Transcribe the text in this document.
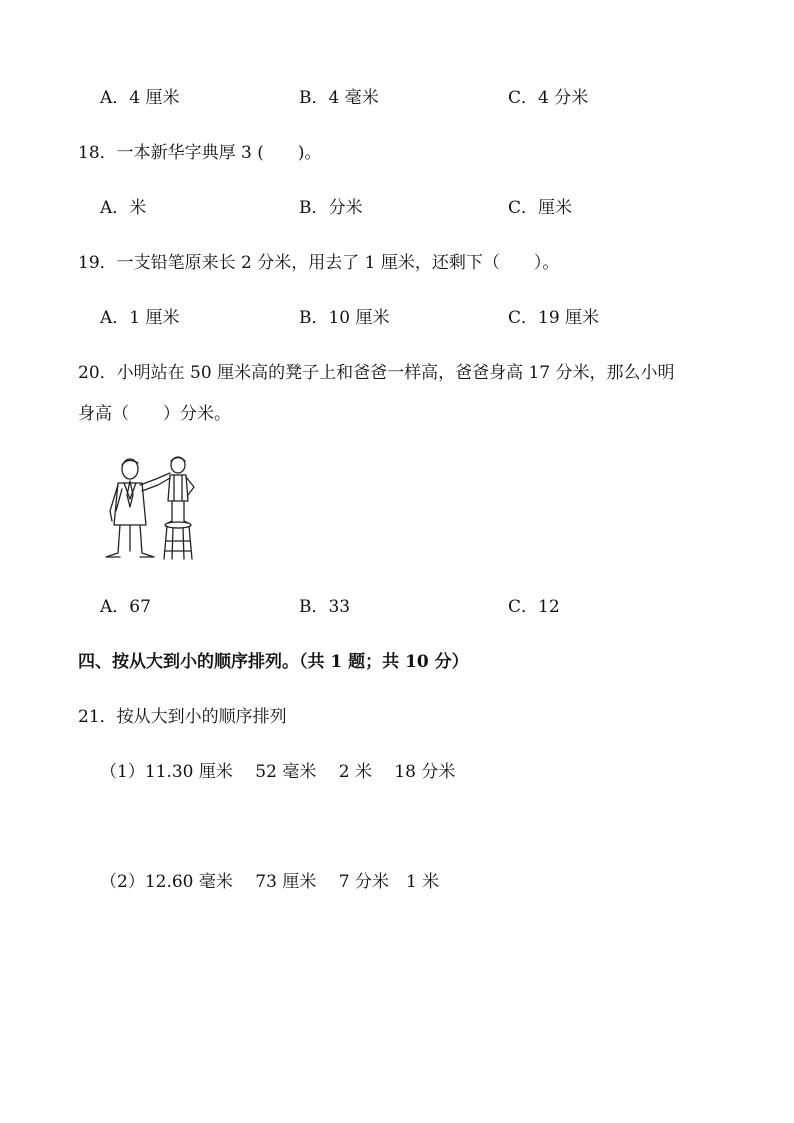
A．4 厘米	B．4 毫米	C．4 分米
18．一本新华字典厚 3 (　　)。
A．米	B．分米	C．厘米
19．一支铅笔原来长 2 分米，用去了 1 厘米，还剩下（　　）。
A．1 厘米	B．10 厘米	C．19 厘米
20．小明站在 50 厘米高的凳子上和爸爸一样高，爸爸身高 17 分米，那么小明
身高（　　）分米。
A．67	B．33	C．12
四、按从大到小的顺序排列。（共 1 题；共 10 分）
21．按从大到小的顺序排列
（1）11.30 厘米　 52 毫米　 2 米　 18 分米
（2）12.60 毫米　 73 厘米　 7 分米　1 米
